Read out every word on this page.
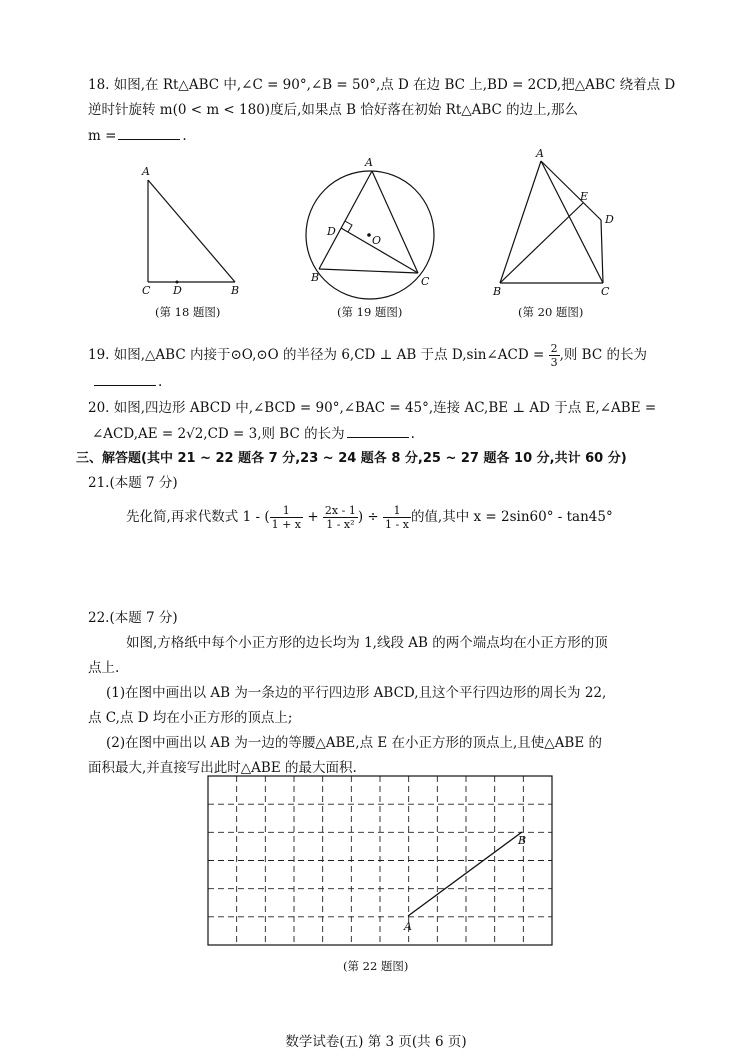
18. 如图,在 Rt△ABC 中,∠C = 90°,∠B = 50°,点 D 在边 BC 上,BD = 2CD,把△ABC 绕着点 D
逆时针旋转 m(0 < m < 180)度后,如果点 B 恰好落在初始 Rt△ABC 的边上,那么
m =	.
A
C D	B
(第 18 题图)
A
D
O
B	C
(第 19 题图)
A
E
D
B	C
(第 20 题图)
19. 如图,△ABC 内接于⊙O,⊙O 的半径为 6,CD ⊥ AB 于点 D,sin∠ACD = $\frac{2}{3}$ ,则 BC 的长为
.
20. 如图,四边形 ABCD 中,∠BCD = 90°,∠BAC = 45°,连接 AC,BE ⊥ AD 于点 E,∠ABE =
∠ACD,AE = 2√2,CD = 3,则 BC 的长为	.
三、解答题(其中 21 ~ 22 题各 7 分,23 ~ 24 题各 8 分,25 ~ 27 题各 10 分,共计 60 分)
21.(本题 7 分)
先化简,再求代数式 1 - ( $\frac{1}{1 + x} + \frac{2x - 1}{\text{1 - x²}}$ ) ÷ $\frac{1}{1 - x}$ 的值,其中 x = 2sin60° - tan45°
22.(本题 7 分)
如图,方格纸中每个小正方形的边长均为 1,线段 AB 的两个端点均在小正方形的顶
点上.
(1)在图中画出以 AB 为一条边的平行四边形 ABCD,且这个平行四边形的周长为 22,
点 C,点 D 均在小正方形的顶点上;
(2)在图中画出以 AB 为一边的等腰△ABE,点 E 在小正方形的顶点上,且使△ABE 的
面积最大,并直接写出此时△ABE 的最大面积.
A
B
(第 22 题图)
数学试卷(五) 第 3 页(共 6 页)
